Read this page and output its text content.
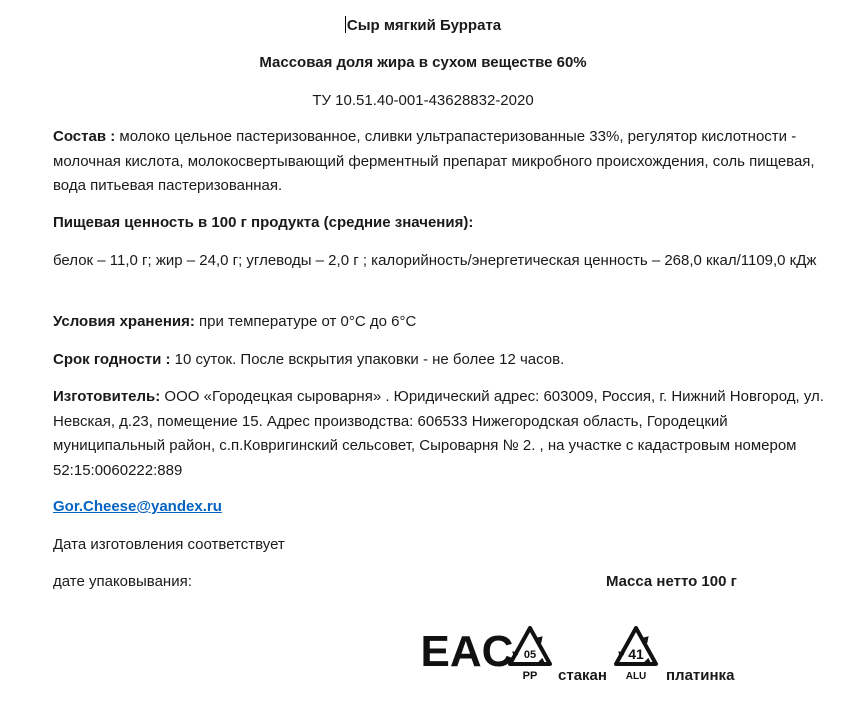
Сыр мягкий Буррата
Массовая доля жира в сухом веществе 60%
ТУ 10.51.40-001-43628832-2020
Состав : молоко цельное пастеризованное, сливки ультрапастеризованные 33%, регулятор кислотности - молочная кислота, молокосвертывающий ферментный препарат микробного происхождения, соль пищевая, вода питьевая пастеризованная.
Пищевая ценность в 100 г продукта (средние значения):
белок – 11,0 г; жир – 24,0 г; углеводы – 2,0 г ; калорийность/энергетическая ценность – 268,0 ккал/1109,0 кДж
Условия хранения: при температуре от 0°С до 6°С
Срок годности : 10 суток. После вскрытия упаковки - не более 12 часов.
Изготовитель: ООО «Городецкая сыроварня» . Юридический адрес: 603009, Россия, г. Нижний Новгород, ул. Невская, д.23, помещение 15. Адрес производства: 606533 Нижегородская область, Городецкий муниципальный район, с.п.Ковригинский сельсовет, Сыроварня № 2. , на участке с кадастровым номером 52:15:0060222:889
Gor.Cheese@yandex.ru
Дата изготовления соответствует
дате упаковывания:	Масса нетто 100 г
EAC 05
PP стакан
41
ALU платинка
